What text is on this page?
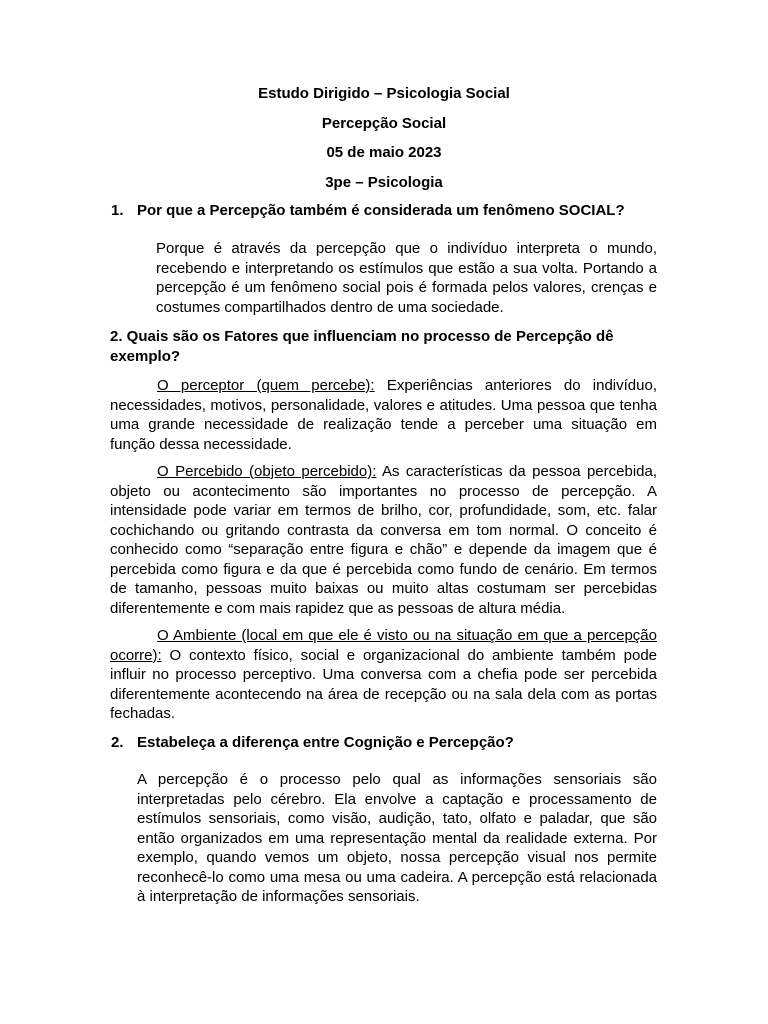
Estudo Dirigido – Psicologia Social
Percepção Social
05 de maio 2023
3pe – Psicologia
1. Por que a Percepção também é considerada um fenômeno SOCIAL?

Porque é através da percepção que o indivíduo interpreta o mundo, recebendo e interpretando os estímulos que estão a sua volta. Portando a percepção é um fenômeno social pois é formada pelos valores, crenças e costumes compartilhados dentro de uma sociedade.

2. Quais são os Fatores que influenciam no processo de Percepção dê exemplo?

O perceptor (quem percebe): Experiências anteriores do indivíduo, necessidades, motivos, personalidade, valores e atitudes. Uma pessoa que tenha uma grande necessidade de realização tende a perceber uma situação em função dessa necessidade.

O Percebido (objeto percebido): As características da pessoa percebida, objeto ou acontecimento são importantes no processo de percepção. A intensidade pode variar em termos de brilho, cor, profundidade, som, etc. falar cochichando ou gritando contrasta da conversa em tom normal. O conceito é conhecido como “separação entre figura e chão” e depende da imagem que é percebida como figura e da que é percebida como fundo de cenário. Em termos de tamanho, pessoas muito baixas ou muito altas costumam ser percebidas diferentemente e com mais rapidez que as pessoas de altura média.

O Ambiente (local em que ele é visto ou na situação em que a percepção ocorre): O contexto físico, social e organizacional do ambiente também pode influir no processo perceptivo. Uma conversa com a chefia pode ser percebida diferentemente acontecendo na área de recepção ou na sala dela com as portas fechadas.

2. Estabeleça a diferença entre Cognição e Percepção?

A percepção é o processo pelo qual as informações sensoriais são interpretadas pelo cérebro. Ela envolve a captação e processamento de estímulos sensoriais, como visão, audição, tato, olfato e paladar, que são então organizados em uma representação mental da realidade externa. Por exemplo, quando vemos um objeto, nossa percepção visual nos permite reconhecê-lo como uma mesa ou uma cadeira. A percepção está relacionada à interpretação de informações sensoriais.
